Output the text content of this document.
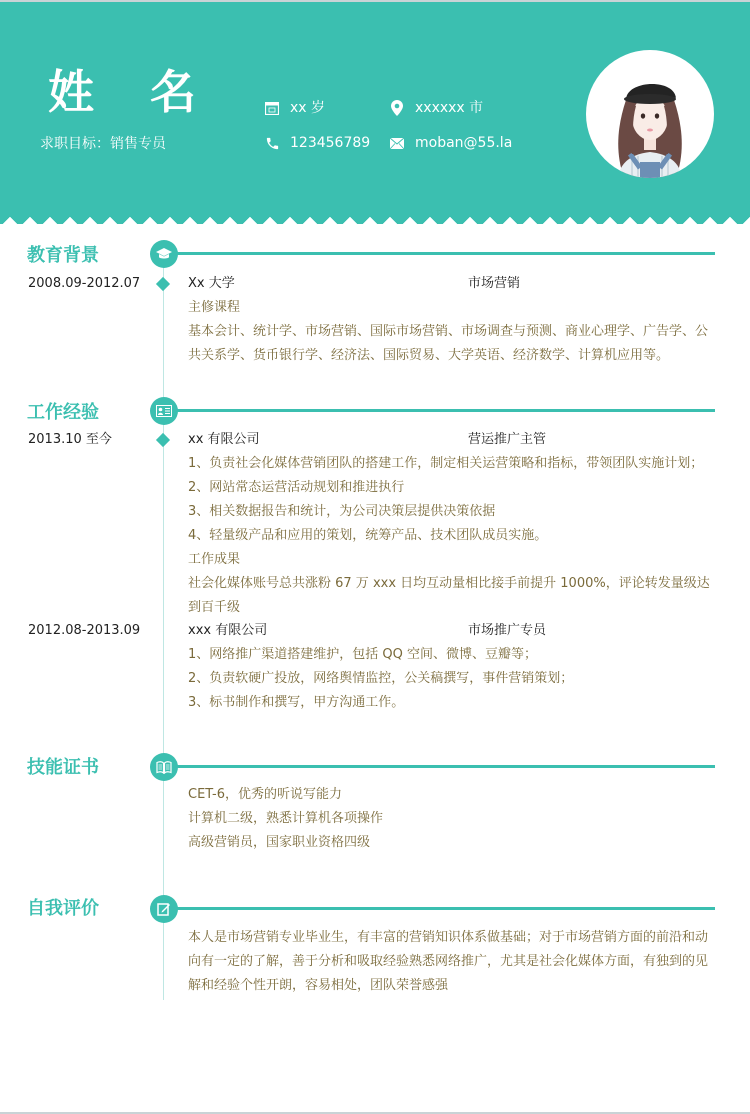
姓 名
求职目标：销售专员
xx 岁	xxxxxx 市
123456789	moban@55.la
教育背景
2008.09-2012.07	Xx 大学	市场营销
主修课程
基本会计、统计学、市场营销、国际市场营销、市场调查与预测、商业心理学、广告学、公
共关系学、货币银行学、经济法、国际贸易、大学英语、经济数学、计算机应用等。
工作经验
2013.10 至今	xx 有限公司	营运推广主管
1、负责社会化媒体营销团队的搭建工作，制定相关运营策略和指标，带领团队实施计划；
2、网站常态运营活动规划和推进执行
3、相关数据报告和统计，为公司决策层提供决策依据
4、轻量级产品和应用的策划，统筹产品、技术团队成员实施。
工作成果
社会化媒体账号总共涨粉 67 万 xxx 日均互动量相比接手前提升 1000%，评论转发量级达
到百千级
2012.08-2013.09	xxx 有限公司	市场推广专员
1、网络推广渠道搭建维护，包括 QQ 空间、微博、豆瓣等；
2、负责软硬广投放，网络舆情监控，公关稿撰写，事件营销策划；
3、标书制作和撰写，甲方沟通工作。
技能证书
CET-6，优秀的听说写能力
计算机二级，熟悉计算机各项操作
高级营销员，国家职业资格四级
自我评价
本人是市场营销专业毕业生，有丰富的营销知识体系做基础；对于市场营销方面的前沿和动
向有一定的了解，善于分析和吸取经验熟悉网络推广，尤其是社会化媒体方面，有独到的见
解和经验个性开朗，容易相处，团队荣誉感强
